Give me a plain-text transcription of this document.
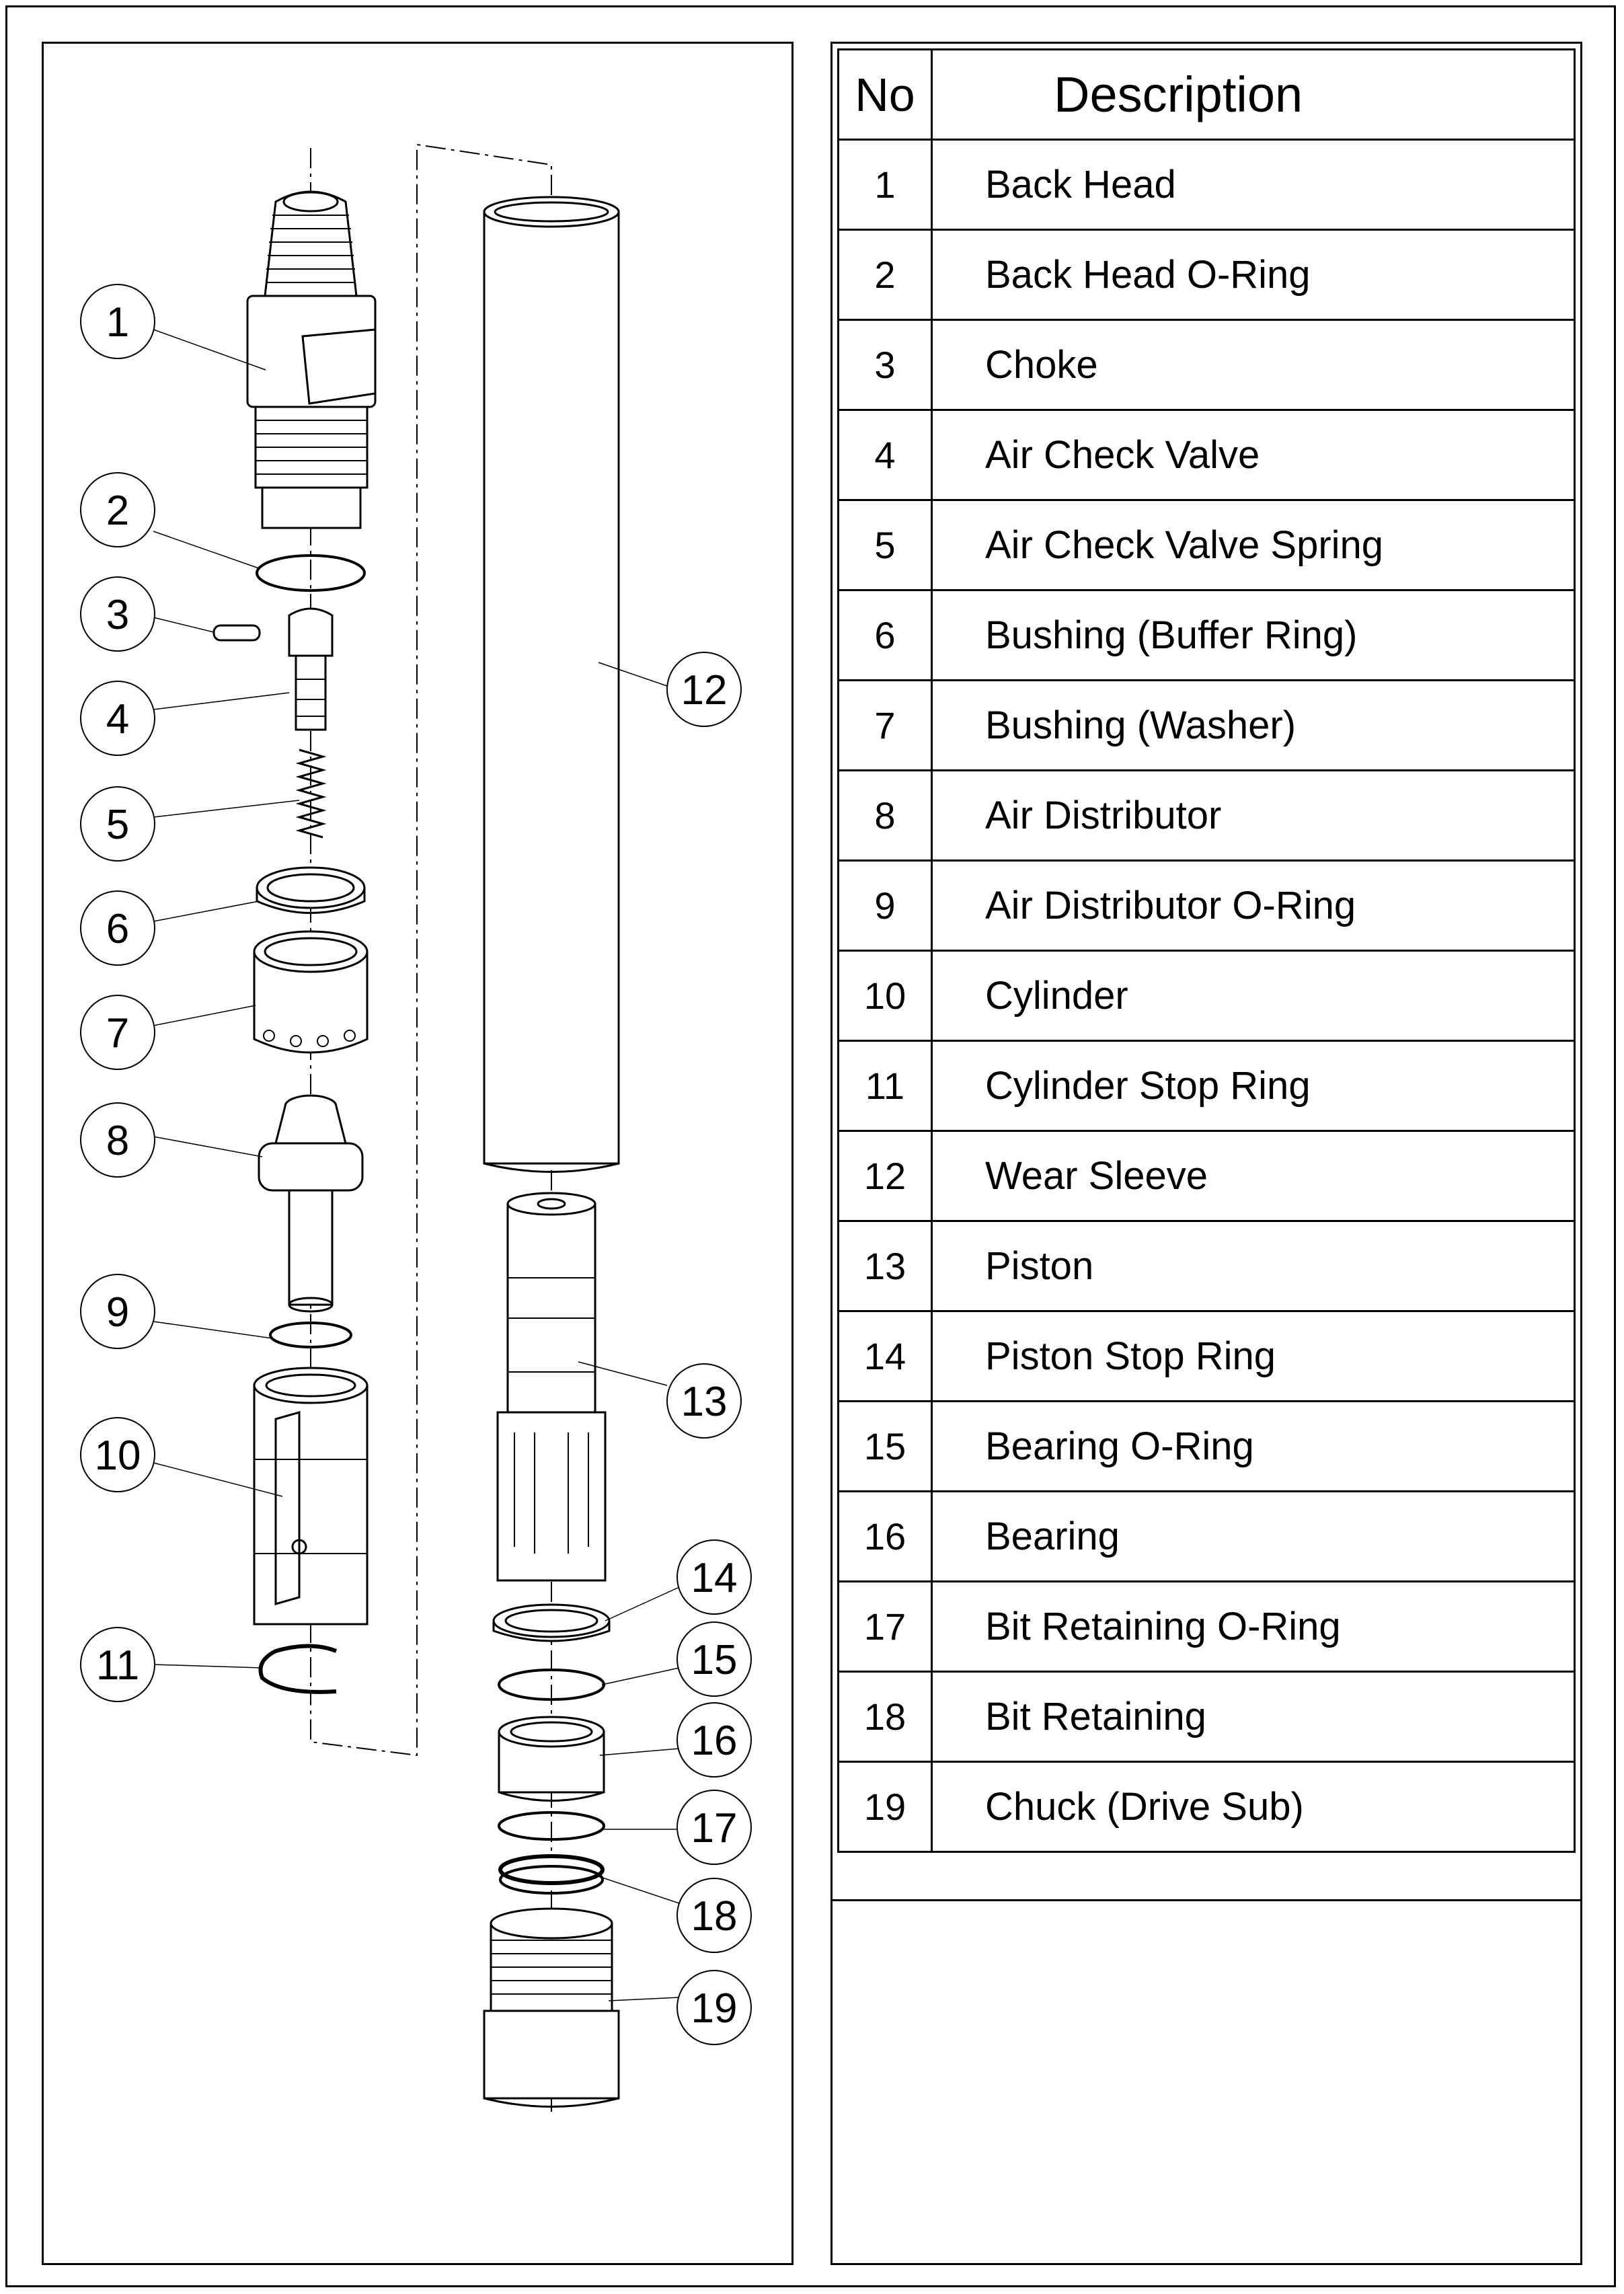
1
2
3
4
5
6
7
8
9
10
11
12
13
14
15
16
17
18
19
No	Description
1	Back Head
2	Back Head O-Ring
3	Choke
4	Air Check Valve
5	Air Check Valve Spring
6	Bushing (Buffer Ring)
7	Bushing (Washer)
8	Air Distributor
9	Air Distributor O-Ring
10	Cylinder
11	Cylinder Stop Ring
12	Wear Sleeve
13	Piston
14	Piston Stop Ring
15	Bearing O-Ring
16	Bearing
17	Bit Retaining O-Ring
18	Bit Retaining
19	Chuck (Drive Sub)
